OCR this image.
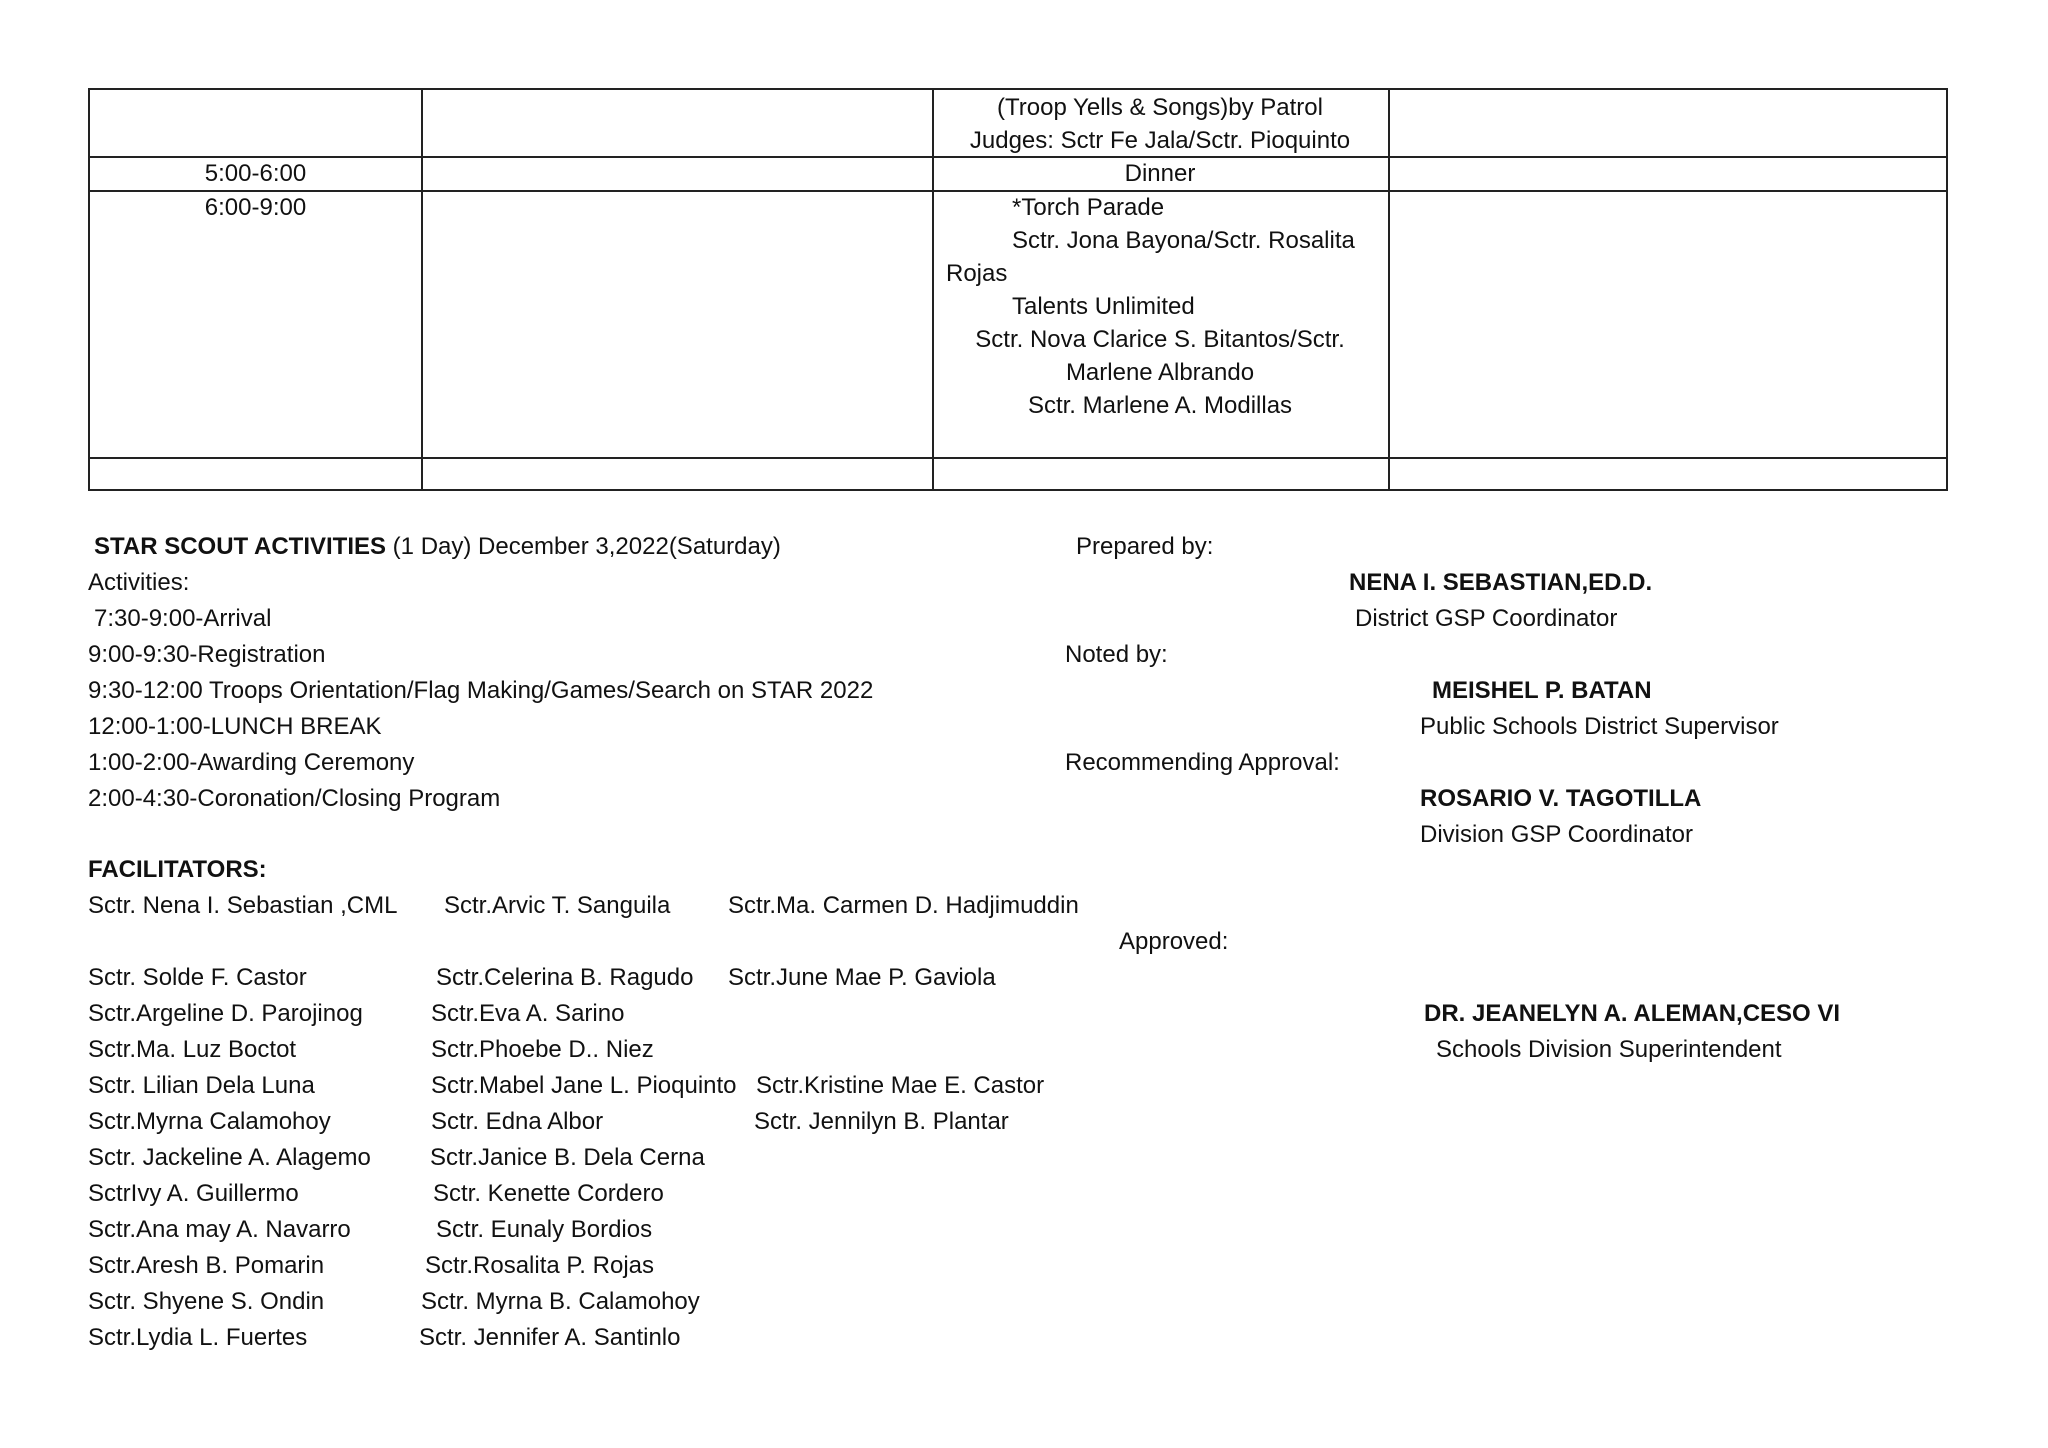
(Troop Yells & Songs)by Patrol
Judges: Sctr Fe Jala/Sctr. Pioquinto
5:00-6:00	Dinner
6:00-9:00	*Torch Parade
Sctr. Jona Bayona/Sctr. Rosalita
Rojas
Talents Unlimited
Sctr. Nova Clarice S. Bitantos/Sctr.
Marlene Albrando
Sctr. Marlene A. Modillas
STAR SCOUT ACTIVITIES (1 Day) December 3,2022(Saturday)
Activities:
7:30-9:00-Arrival
9:00-9:30-Registration
9:30-12:00 Troops Orientation/Flag Making/Games/Search on STAR 2022
12:00-1:00-LUNCH BREAK
1:00-2:00-Awarding Ceremony
2:00-4:30-Coronation/Closing Program
FACILITATORS:
Sctr. Nena I. Sebastian ,CML
Sctr. Solde F. Castor
Sctr.Argeline D. Parojinog
Sctr.Ma. Luz Boctot
Sctr. Lilian Dela Luna
Sctr.Myrna Calamohoy
Sctr. Jackeline A. Alagemo
SctrIvy A. Guillermo
Sctr.Ana may A. Navarro
Sctr.Aresh B. Pomarin
Sctr. Shyene S. Ondin
Sctr.Lydia L. Fuertes
Sctr.Arvic T. Sanguila
Sctr.Celerina B. Ragudo
Sctr.Eva A. Sarino
Sctr.Phoebe D.. Niez
Sctr.Mabel Jane L. Pioquinto
Sctr. Edna Albor
Sctr.Janice B. Dela Cerna
Sctr. Kenette Cordero
Sctr. Eunaly Bordios
Sctr.Rosalita P. Rojas
Sctr. Myrna B. Calamohoy
Sctr. Jennifer A. Santinlo
Sctr.Ma. Carmen D. Hadjimuddin
Sctr.June Mae P. Gaviola
Sctr.Kristine Mae E. Castor
Sctr. Jennilyn B. Plantar
Prepared by:
NENA I. SEBASTIAN,ED.D.
District GSP Coordinator
Noted by:
MEISHEL P. BATAN
Public Schools District Supervisor
Recommending Approval:
ROSARIO V. TAGOTILLA
Division GSP Coordinator
Approved:
DR. JEANELYN A. ALEMAN,CESO VI
Schools Division Superintendent
